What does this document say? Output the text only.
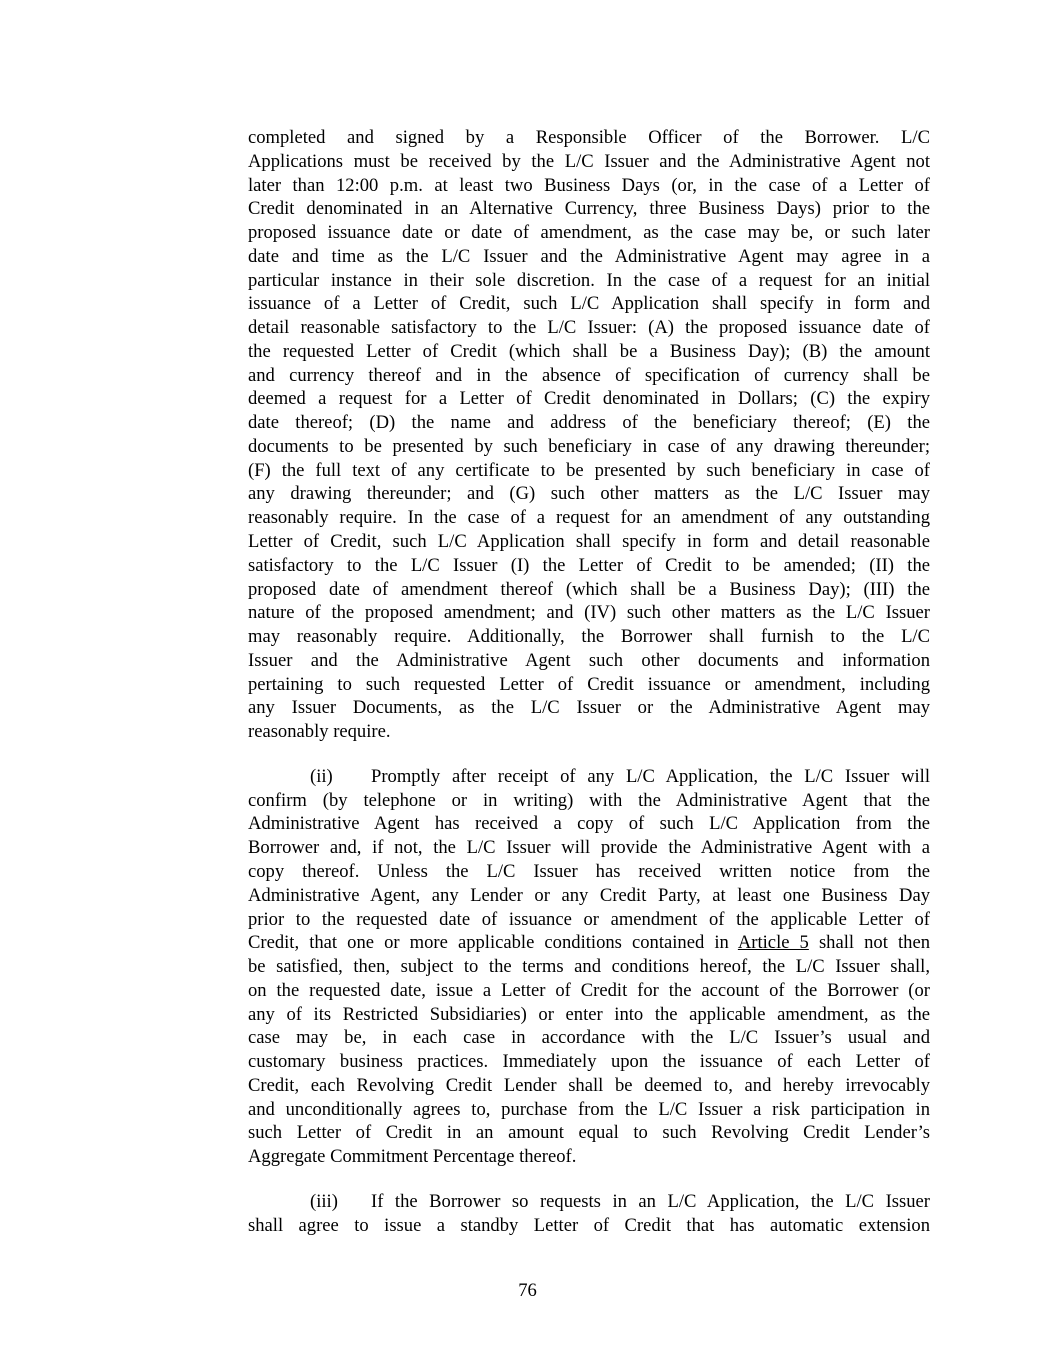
completed and signed by a Responsible Officer of the Borrower. L/C
Applications must be received by the L/C Issuer and the Administrative Agent not
later than 12:00 p.m. at least two Business Days (or, in the case of a Letter of
Credit denominated in an Alternative Currency, three Business Days) prior to the
proposed issuance date or date of amendment, as the case may be, or such later
date and time as the L/C Issuer and the Administrative Agent may agree in a
particular instance in their sole discretion. In the case of a request for an initial
issuance of a Letter of Credit, such L/C Application shall specify in form and
detail reasonable satisfactory to the L/C Issuer: (A) the proposed issuance date of
the requested Letter of Credit (which shall be a Business Day); (B) the amount
and currency thereof and in the absence of specification of currency shall be
deemed a request for a Letter of Credit denominated in Dollars; (C) the expiry
date thereof; (D) the name and address of the beneficiary thereof; (E) the
documents to be presented by such beneficiary in case of any drawing thereunder;
(F) the full text of any certificate to be presented by such beneficiary in case of
any drawing thereunder; and (G) such other matters as the L/C Issuer may
reasonably require. In the case of a request for an amendment of any outstanding
Letter of Credit, such L/C Application shall specify in form and detail reasonable
satisfactory to the L/C Issuer (I) the Letter of Credit to be amended; (II) the
proposed date of amendment thereof (which shall be a Business Day); (III) the
nature of the proposed amendment; and (IV) such other matters as the L/C Issuer
may reasonably require. Additionally, the Borrower shall furnish to the L/C
Issuer and the Administrative Agent such other documents and information
pertaining to such requested Letter of Credit issuance or amendment, including
any Issuer Documents, as the L/C Issuer or the Administrative Agent may
reasonably require.
(ii)	Promptly after receipt of any L/C Application, the L/C Issuer will
confirm (by telephone or in writing) with the Administrative Agent that the
Administrative Agent has received a copy of such L/C Application from the
Borrower and, if not, the L/C Issuer will provide the Administrative Agent with a
copy thereof. Unless the L/C Issuer has received written notice from the
Administrative Agent, any Lender or any Credit Party, at least one Business Day
prior to the requested date of issuance or amendment of the applicable Letter of
Credit, that one or more applicable conditions contained in Article 5 shall not then
be satisfied, then, subject to the terms and conditions hereof, the L/C Issuer shall,
on the requested date, issue a Letter of Credit for the account of the Borrower (or
any of its Restricted Subsidiaries) or enter into the applicable amendment, as the
case may be, in each case in accordance with the L/C Issuer’s usual and
customary business practices. Immediately upon the issuance of each Letter of
Credit, each Revolving Credit Lender shall be deemed to, and hereby irrevocably
and unconditionally agrees to, purchase from the L/C Issuer a risk participation in
such Letter of Credit in an amount equal to such Revolving Credit Lender’s
Aggregate Commitment Percentage thereof.
(iii)	If the Borrower so requests in an L/C Application, the L/C Issuer
shall agree to issue a standby Letter of Credit that has automatic extension
76
